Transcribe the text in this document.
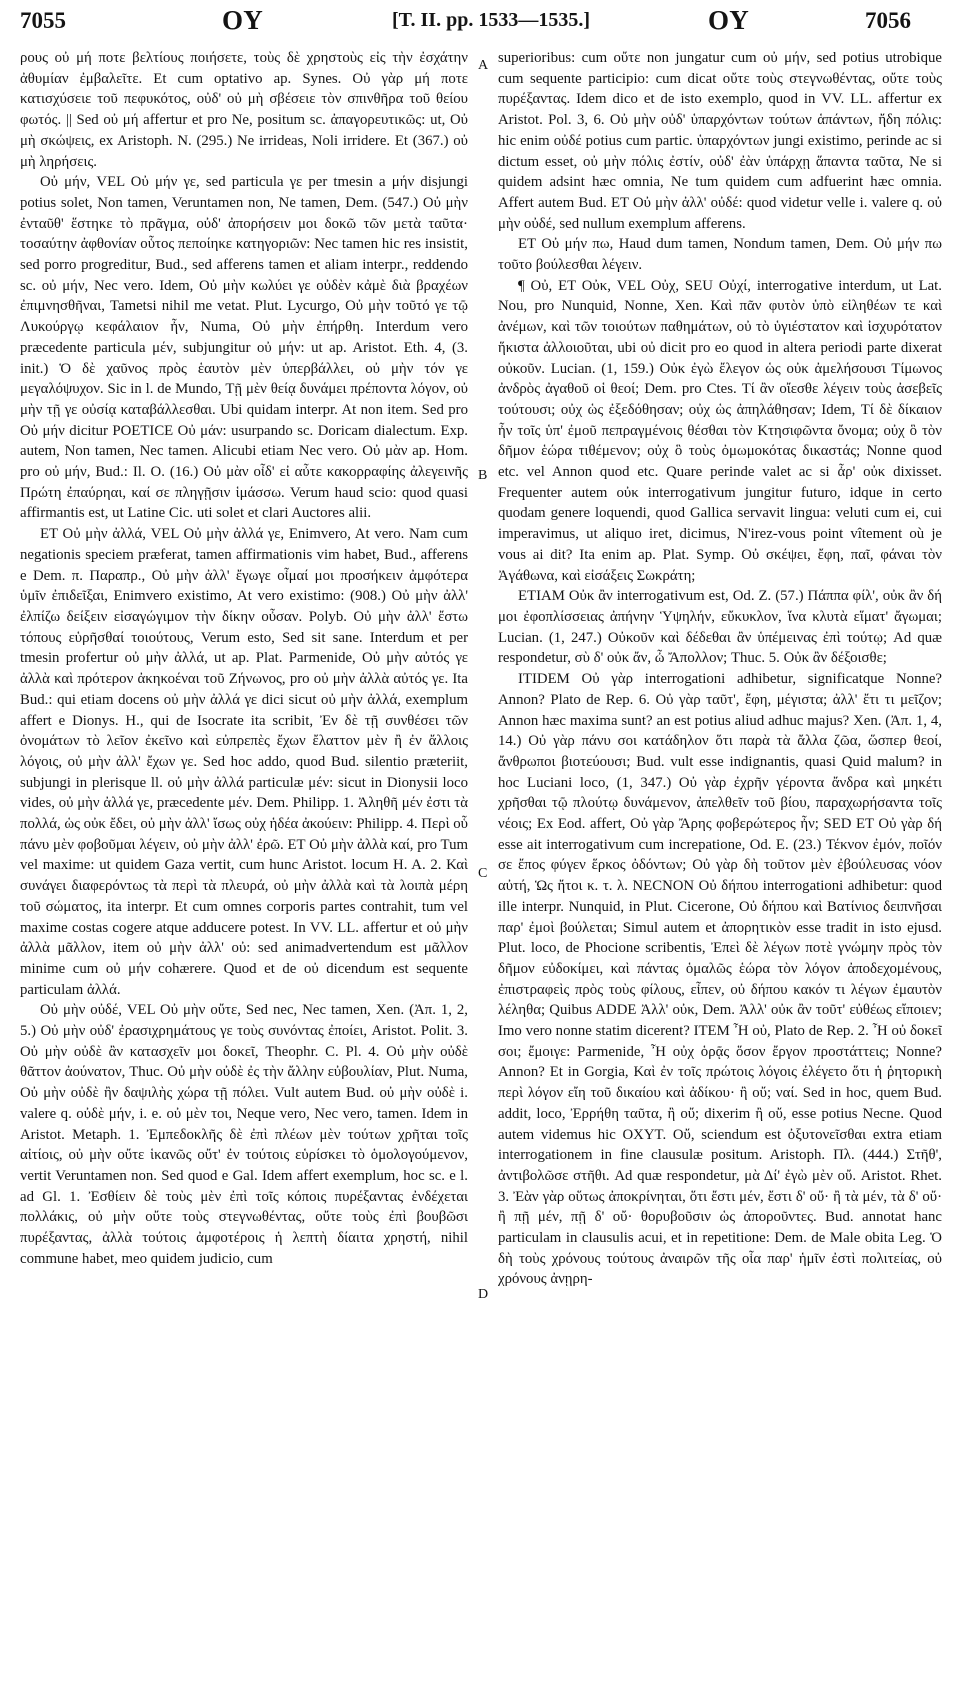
7055	ΟΥ	[T. II. pp. 1533—1535.]	ΟΥ	7056
A
B
C
D

ρους οὐ μή ποτε βελτίους ποιήσετε, τοὺς δὲ χρηστοὺς εἰς τὴν ἐσχάτην ἀθυμίαν ἐμβαλεῖτε. Et cum optativo ap. Synes. Οὐ γὰρ μή ποτε κατισχύσειε τοῦ πεφυκότος, οὐδ' οὐ μὴ σβέσειε τὸν σπινθῆρα τοῦ θείου φωτός. || Sed οὐ μή affertur et pro Ne, positum sc. ἀπαγορευτικῶς: ut, Οὐ μὴ σκώψεις, ex Aristoph. N. (295.) Ne irrideas, Noli irridere. Et (367.) οὐ μὴ ληρήσεις.

Οὐ μήν, VEL Οὐ μήν γε, sed particula γε per tmesin a μήν disjungi potius solet, Non tamen, Veruntamen non, Ne tamen, Dem. (547.) Οὐ μὴν ἐνταῦθ' ἕστηκε τὸ πρᾶγμα, οὐδ' ἀπορήσειν μοι δοκῶ τῶν μετὰ ταῦτα· τοσαύτην ἀφθονίαν οὗτος πεποίηκε κατηγοριῶν: Nec tamen hic res insistit, sed porro progreditur, Bud., sed afferens tamen et aliam interpr., reddendo sc. οὐ μήν, Nec vero. Idem, Οὐ μὴν κωλύει γε οὐδὲν κἀμὲ διὰ βραχέων ἐπιμνησθῆναι, Tametsi nihil me vetat. Plut. Lycurgo, Οὐ μὴν τοῦτό γε τῷ Λυκούργῳ κεφάλαιον ἦν, Numa, Οὐ μὴν ἐπήρθη. Interdum vero præcedente particula μέν, subjungitur οὐ μήν: ut ap. Aristot. Eth. 4, (3. init.) Ὁ δὲ χαῦνος πρὸς ἑαυτὸν μὲν ὑπερβάλλει, οὐ μὴν τόν γε μεγαλόψυχον. Sic in l. de Mundo, Τῇ μὲν θείᾳ δυνάμει πρέποντα λόγον, οὐ μὴν τῇ γε οὐσίᾳ καταβάλλεσθαι. Ubi quidam interpr. At non item. Sed pro Οὐ μήν dicitur POETICE Οὐ μάν: usurpando sc. Doricam dialectum. Exp. autem, Non tamen, Nec tamen. Alicubi etiam Nec vero. Οὐ μὰν ap. Hom. pro οὐ μήν, Bud.: Il. O. (16.) Οὐ μὰν οἶδ' εἰ αὖτε κακορραφίης ἀλεγεινῆς Πρώτη ἐπαύρηαι, καί σε πληγῇσιν ἱμάσσω. Verum haud scio: quod quasi affirmantis est, ut Latine Cic. uti solet et clari Auctores alii.

ET Οὐ μὴν ἀλλά, VEL Οὐ μὴν ἀλλά γε, Enimvero, At vero. Nam cum negationis speciem præferat, tamen affirmationis vim habet, Bud., afferens e Dem. π. Παραπρ., Οὐ μὴν ἀλλ' ἔγωγε οἶμαί μοι προσήκειν ἀμφότερα ὑμῖν ἐπιδεῖξαι, Enimvero existimo, At vero existimo: (908.) Οὐ μὴν ἀλλ' ἐλπίζω δείξειν εἰσαγώγιμον τὴν δίκην οὖσαν. Polyb. Οὐ μὴν ἀλλ' ἔστω τόπους εὑρῆσθαί τοιούτους, Verum esto, Sed sit sane. Interdum et per tmesin profertur οὐ μὴν ἀλλά, ut ap. Plat. Parmenide, Οὐ μὴν αὐτός γε ἀλλὰ καὶ πρότερον ἀκηκοέναι τοῦ Ζήνωνος, pro οὐ μὴν ἀλλὰ αὐτός γε. Ita Bud.: qui etiam docens οὐ μὴν ἀλλά γε dici sicut οὐ μὴν ἀλλά, exemplum affert e Dionys. H., qui de Isocrate ita scribit, Ἐν δὲ τῇ συνθέσει τῶν ὀνομάτων τὸ λεῖον ἐκεῖνο καὶ εὐπρεπὲς ἔχων ἔλαττον μὲν ἢ ἐν ἄλλοις λόγοις, οὐ μὴν ἀλλ' ἔχων γε. Sed hoc addo, quod Bud. silentio præteriit, subjungi in plerisque ll. οὐ μὴν ἀλλά particulæ μέν: sicut in Dionysii loco vides, οὐ μὴν ἀλλά γε, præcedente μέν. Dem. Philipp. 1. Ἀληθῆ μέν ἐστι τὰ πολλά, ὡς οὐκ ἔδει, οὐ μὴν ἀλλ' ἴσως οὐχ ἡδέα ἀκούειν: Philipp. 4. Περὶ οὗ πάνυ μὲν φοβοῦμαι λέγειν, οὐ μὴν ἀλλ' ἐρῶ. ET Οὐ μὴν ἀλλὰ καί, pro Tum vel maxime: ut quidem Gaza vertit, cum hunc Aristot. locum H. A. 2. Καὶ συνάγει διαφερόντως τὰ περὶ τὰ πλευρά, οὐ μὴν ἀλλὰ καὶ τὰ λοιπὰ μέρη τοῦ σώματος, ita interpr. Et cum omnes corporis partes contrahit, tum vel maxime costas cogere atque adducere potest. In VV. LL. affertur et οὐ μὴν ἀλλὰ μᾶλλον, item οὐ μὴν ἀλλ' οὐ: sed animadvertendum est μᾶλλον minime cum οὐ μήν cohærere. Quod et de οὐ dicendum est sequente particulam ἀλλά.

Οὐ μὴν οὐδέ, VEL Οὐ μὴν οὔτε, Sed nec, Nec tamen, Xen. (Ἀπ. 1, 2, 5.) Οὐ μὴν οὐδ' ἐρασιχρημάτους γε τοὺς συνόντας ἐποίει, Aristot. Polit. 3. Οὐ μὴν οὐδὲ ἂν κατασχεῖν μοι δοκεῖ, Theophr. C. Pl. 4. Οὐ μὴν οὐδὲ θᾶττον ἀούνατον, Thuc. Οὐ μὴν οὐδὲ ἐς τὴν ἄλλην εὐβουλίαν, Plut. Numa, Οὐ μὴν οὐδὲ ἢν δαψιλὴς χώρα τῇ πόλει. Vult autem Bud. οὐ μὴν οὐδὲ i. valere q. οὐδὲ μήν, i. e. οὐ μὲν τοι, Neque vero, Nec vero, tamen. Idem in Aristot. Metaph. 1. Ἐμπεδοκλῆς δὲ ἐπὶ πλέων μὲν τούτων χρῆται τοῖς αἰτίοις, οὐ μὴν οὔτε ἱκανῶς οὔτ' ἐν τούτοις εὑρίσκει τὸ ὁμολογούμενον, vertit Veruntamen non. Sed quod e Gal. Idem affert exemplum, hoc sc. e l. ad Gl. 1. Ἐσθίειν δὲ τοὺς μὲν ἐπὶ τοῖς κόποις πυρέξαντας ἐνδέχεται πολλάκις, οὐ μὴν οὔτε τοὺς στεγνωθέντας, οὔτε τοὺς ἐπὶ βουβῶσι πυρέξαντας, ἀλλὰ τούτοις ἀμφοτέροις ἡ λεπτὴ δίαιτα χρηστή, nihil commune habet, meo quidem judicio, cum

superioribus: cum οὔτε non jungatur cum οὐ μήν, sed potius utrobique cum sequente participio: cum dicat οὔτε τοὺς στεγνωθέντας, οὔτε τοὺς πυρέξαντας. Idem dico et de isto exemplo, quod in VV. LL. affertur ex Aristot. Pol. 3, 6. Οὐ μὴν οὐδ' ὑπαρχόντων τούτων ἁπάντων, ἤδη πόλις: hic enim οὐδέ potius cum partic. ὑπαρχόντων jungi existimo, perinde ac si dictum esset, οὐ μὴν πόλις ἐστίν, οὐδ' ἐὰν ὑπάρχῃ ἅπαντα ταῦτα, Ne si quidem adsint hæc omnia, Ne tum quidem cum adfuerint hæc omnia. Affert autem Bud. ET Οὐ μὴν ἀλλ' οὐδέ: quod videtur velle i. valere q. οὐ μὴν οὐδέ, sed nullum exemplum afferens.

ET Οὐ μήν πω, Haud dum tamen, Nondum tamen, Dem. Οὐ μήν πω τοῦτο βούλεσθαι λέγειν.

¶ Οὐ, ET Οὐκ, VEL Οὐχ, SEU Οὐχί, interrogative interdum, ut Lat. Nou, pro Nunquid, Nonne, Xen. Καὶ πᾶν φυτὸν ὑπὸ εἰληθέων τε καὶ ἀνέμων, καὶ τῶν τοιούτων παθημάτων, οὐ τὸ ὑγιέστατον καὶ ἰσχυρότατον ἥκιστα ἀλλοιοῦται, ubi οὐ dicit pro eo quod in altera periodi parte dixerat οὐκοῦν. Lucian. (1, 159.) Οὐκ ἐγὼ ἔλεγον ὡς οὐκ ἀμελήσουσι Τίμωνος ἀνδρὸς ἀγαθοῦ οἱ θεοί; Dem. pro Ctes. Τί ἂν οἴεσθε λέγειν τοὺς ἀσεβεῖς τούτουσι; οὐχ ὡς ἐξεδόθησαν; οὐχ ὡς ἀπηλάθησαν; Idem, Τί δὲ δίκαιον ἦν τοῖς ὑπ' ἐμοῦ πεπραγμένοις θέσθαι τὸν Κτησιφῶντα ὄνομα; οὐχ ὃ τὸν δῆμον ἑώρα τιθέμενον; οὐχ ὃ τοὺς ὀμωμοκότας δικαστάς; Nonne quod etc. vel Annon quod etc. Quare perinde valet ac si ἆρ' οὐκ dixisset. Frequenter autem οὐκ interrogativum jungitur futuro, idque in certo quodam genere loquendi, quod Gallica servavit lingua: veluti cum ei, cui imperavimus, ut aliquo iret, dicimus, N'irez-vous point vîtement où je vous ai dit? Ita enim ap. Plat. Symp. Οὐ σκέψει, ἔφη, παῖ, φάναι τὸν Ἀγάθωνα, καὶ εἰσάξεις Σωκράτη;

ETIAM Οὐκ ἂν interrogativum est, Od. Z. (57.) Πάππα φίλ', οὐκ ἂν δή μοι ἐφοπλίσσειας ἀπήνην Ὑψηλήν, εὔκυκλον, ἵνα κλυτὰ εἵματ' ἄγωμαι; Lucian. (1, 247.) Οὐκοῦν καὶ δέδεθαι ἂν ὑπέμεινας ἐπὶ τούτῳ; Ad quæ respondetur, σὺ δ' οὐκ ἄν, ὦ Ἄπολλον; Thuc. 5. Οὐκ ἂν δέξοισθε;

ITIDEM Οὐ γὰρ interrogationi adhibetur, significatque Nonne? Annon? Plato de Rep. 6. Οὐ γὰρ ταῦτ', ἔφη, μέγιστα; ἀλλ' ἔτι τι μεῖζον; Annon hæc maxima sunt? an est potius aliud adhuc majus? Xen. (Ἀπ. 1, 4, 14.) Οὐ γὰρ πάνυ σοι κατάδηλον ὅτι παρὰ τὰ ἄλλα ζῶα, ὥσπερ θεοί, ἄνθρωποι βιοτεύουσι; Bud. vult esse indignantis, quasi Quid malum? in hoc Luciani loco, (1, 347.) Οὐ γὰρ ἐχρῆν γέροντα ἄνδρα καὶ μηκέτι χρῆσθαι τῷ πλούτῳ δυνάμενον, ἀπελθεῖν τοῦ βίου, παραχωρήσαντα τοῖς νέοις; Ex Eod. affert, Οὐ γὰρ Ἄρης φοβερώτερος ἦν; SED ET Οὐ γὰρ δή esse ait interrogativum cum increpatione, Od. E. (23.) Τέκνον ἐμόν, ποῖόν σε ἔπος φύγεν ἕρκος ὀδόντων; Οὐ γὰρ δὴ τοῦτον μὲν ἐβούλευσας νόον αὐτή, Ὡς ἤτοι κ. τ. λ. NECNON Οὐ δήπου interrogationi adhibetur: quod ille interpr. Nunquid, in Plut. Cicerone, Οὐ δήπου καὶ Βατίνιος δειπνῆσαι παρ' ἐμοὶ βούλεται; Simul autem et ἀπορητικὸν esse tradit in isto ejusd. Plut. loco, de Phocione scribentis, Ἐπεὶ δὲ λέγων ποτὲ γνώμην πρὸς τὸν δῆμον εὐδοκίμει, καὶ πάντας ὁμαλῶς ἑώρα τὸν λόγον ἀποδεχομένους, ἐπιστραφεὶς πρὸς τοὺς φίλους, εἶπεν, οὐ δήπου κακόν τι λέγων ἐμαυτὸν λέληθα; Quibus ADDE Ἀλλ' οὐκ, Dem. Ἀλλ' οὐκ ἂν τοῦτ' εὐθέως εἴποιεν; Imo vero nonne statim dicerent? ITEM Ἦ οὐ, Plato de Rep. 2. Ἦ οὐ δοκεῖ σοι; ἔμοιγε: Parmenide, Ἦ οὐχ ὁρᾷς ὅσον ἔργον προστάττεις; Nonne? Annon? Et in Gorgia, Καὶ ἐν τοῖς πρώτοις λόγοις ἐλέγετο ὅτι ἡ ῥητορικὴ περὶ λόγον εἴη τοῦ δικαίου καὶ ἀδίκου· ἢ οὔ; ναί. Sed in hoc, quem Bud. addit, loco, Ἐρρήθη ταῦτα, ἢ οὔ; dixerim ἢ οὔ, esse potius Necne. Quod autem videmus hic OXYT. Οὔ, sciendum est ὀξυτονεῖσθαι extra etiam interrogationem in fine clausulæ positum. Aristoph. Πλ. (444.) Στῆθ', ἀντιβολῶσε στῆθι. Ad quæ respondetur, μὰ Δί' ἐγὼ μὲν οὔ. Aristot. Rhet. 3. Ἐὰν γὰρ οὕτως ἀποκρίνηται, ὅτι ἔστι μέν, ἔστι δ' οὔ· ἢ τὰ μέν, τὰ δ' οὔ· ἢ πῇ μέν, πῇ δ' οὔ· θορυβοῦσιν ὡς ἀποροῦντες. Bud. annotat hanc particulam in clausulis acui, et in repetitione: Dem. de Male obita Leg. Ὁ δὴ τοὺς χρόνους τούτους ἀναιρῶν τῆς οἷα παρ' ἡμῖν ἐστὶ πολιτείας, οὐ χρόνους ἀνῃρη-
